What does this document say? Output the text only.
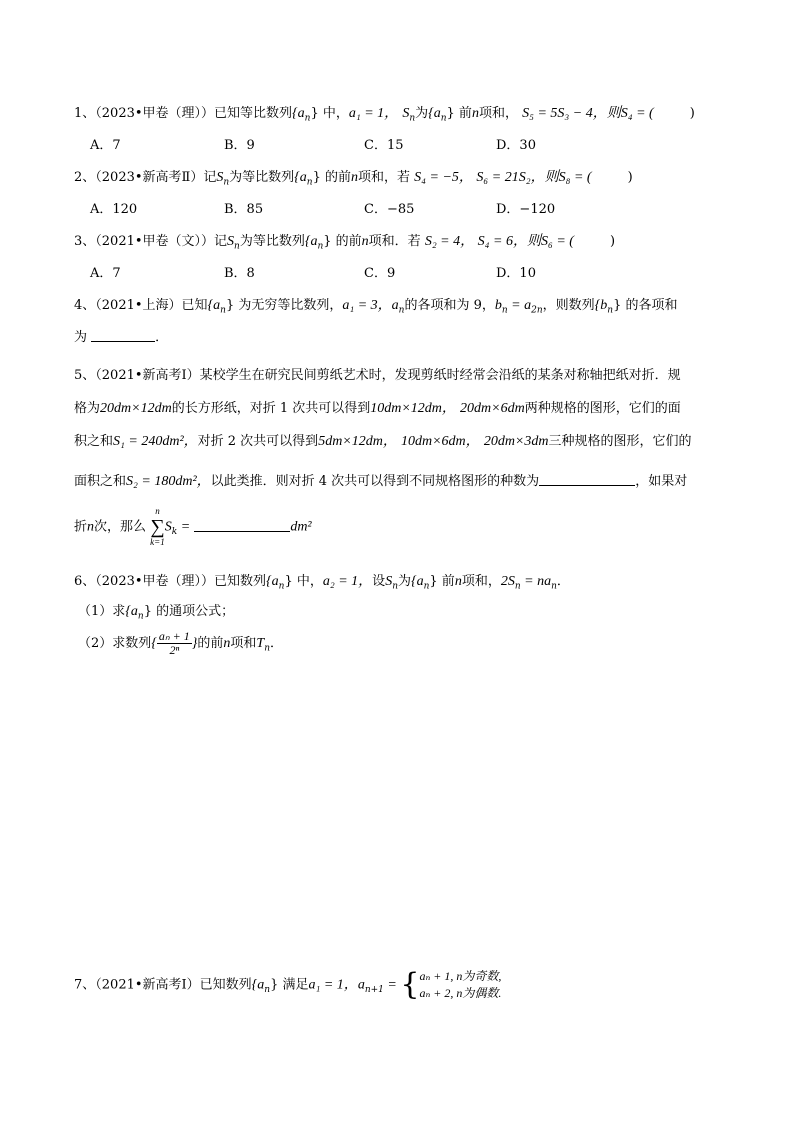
1、（2023•甲卷（理））已知等比数列$\{a_n\}$ 中，a₁ = 1， $S_n$为$\{a_n\}$ 前n项和， S₅ = 5S₃ − 4，则S₄ = (	)
A．7	B．9	C．15	D．30
2、（2023•新高考Ⅱ）记$S_n$为等比数列$\{a_n\}$ 的前n项和，若 S₄ = −5， S₆ = 21S₂，则S₈ = (	)
A．120	B．85	C．−85	D．−120
3、（2021•甲卷（文））记$S_n$为等比数列$\{a_n\}$ 的前n项和．若 S₂ = 4， S₄ = 6，则S₆ = (	)
A．7	B．8	C．9	D．10
4、（2021•上海）已知$\{a_n\}$ 为无穷等比数列，a₁ = 3，$a_n$的各项和为 9，$b_n = a_{2n}$，则数列$\{b_n\}$ 的各项和
为	．
5、（2021•新高考Ⅰ）某校学生在研究民间剪纸艺术时，发现剪纸时经常会沿纸的某条对称轴把纸对折．规
格为20dm×12dm的长方形纸，对折 1 次共可以得到10dm×12dm， 20dm×6dm两种规格的图形，它们的面
积之和S₁ = 240dm²，对折 2 次共可以得到5dm×12dm， 10dm×6dm， 20dm×3dm三种规格的图形，它们的
面积之和S₂ = 180dm²，以此类推．则对折 4 次共可以得到不同规格图形的种数为	，如果对
折n次，那么
n
∑
k=1
$S_k$ =	dm²
6、（2023•甲卷（理））已知数列$\{a_n\}$ 中，a₂ = 1，设$S_n$为$\{a_n\}$ 前n项和，$2S_n = na_n$．
（1）求$\{a_n\}$ 的通项公式；
（2）求数列{ $\frac{\text{aₙ + 1}}{\text{2ⁿ}}$ }的前n项和$T_n$．
7、（2021•新高考Ⅰ）已知数列$\{a_n\}$ 满足a₁ = 1，$a_{n+1}$ = { aₙ + 1, n为奇数,
aₙ + 2, n为偶数.
